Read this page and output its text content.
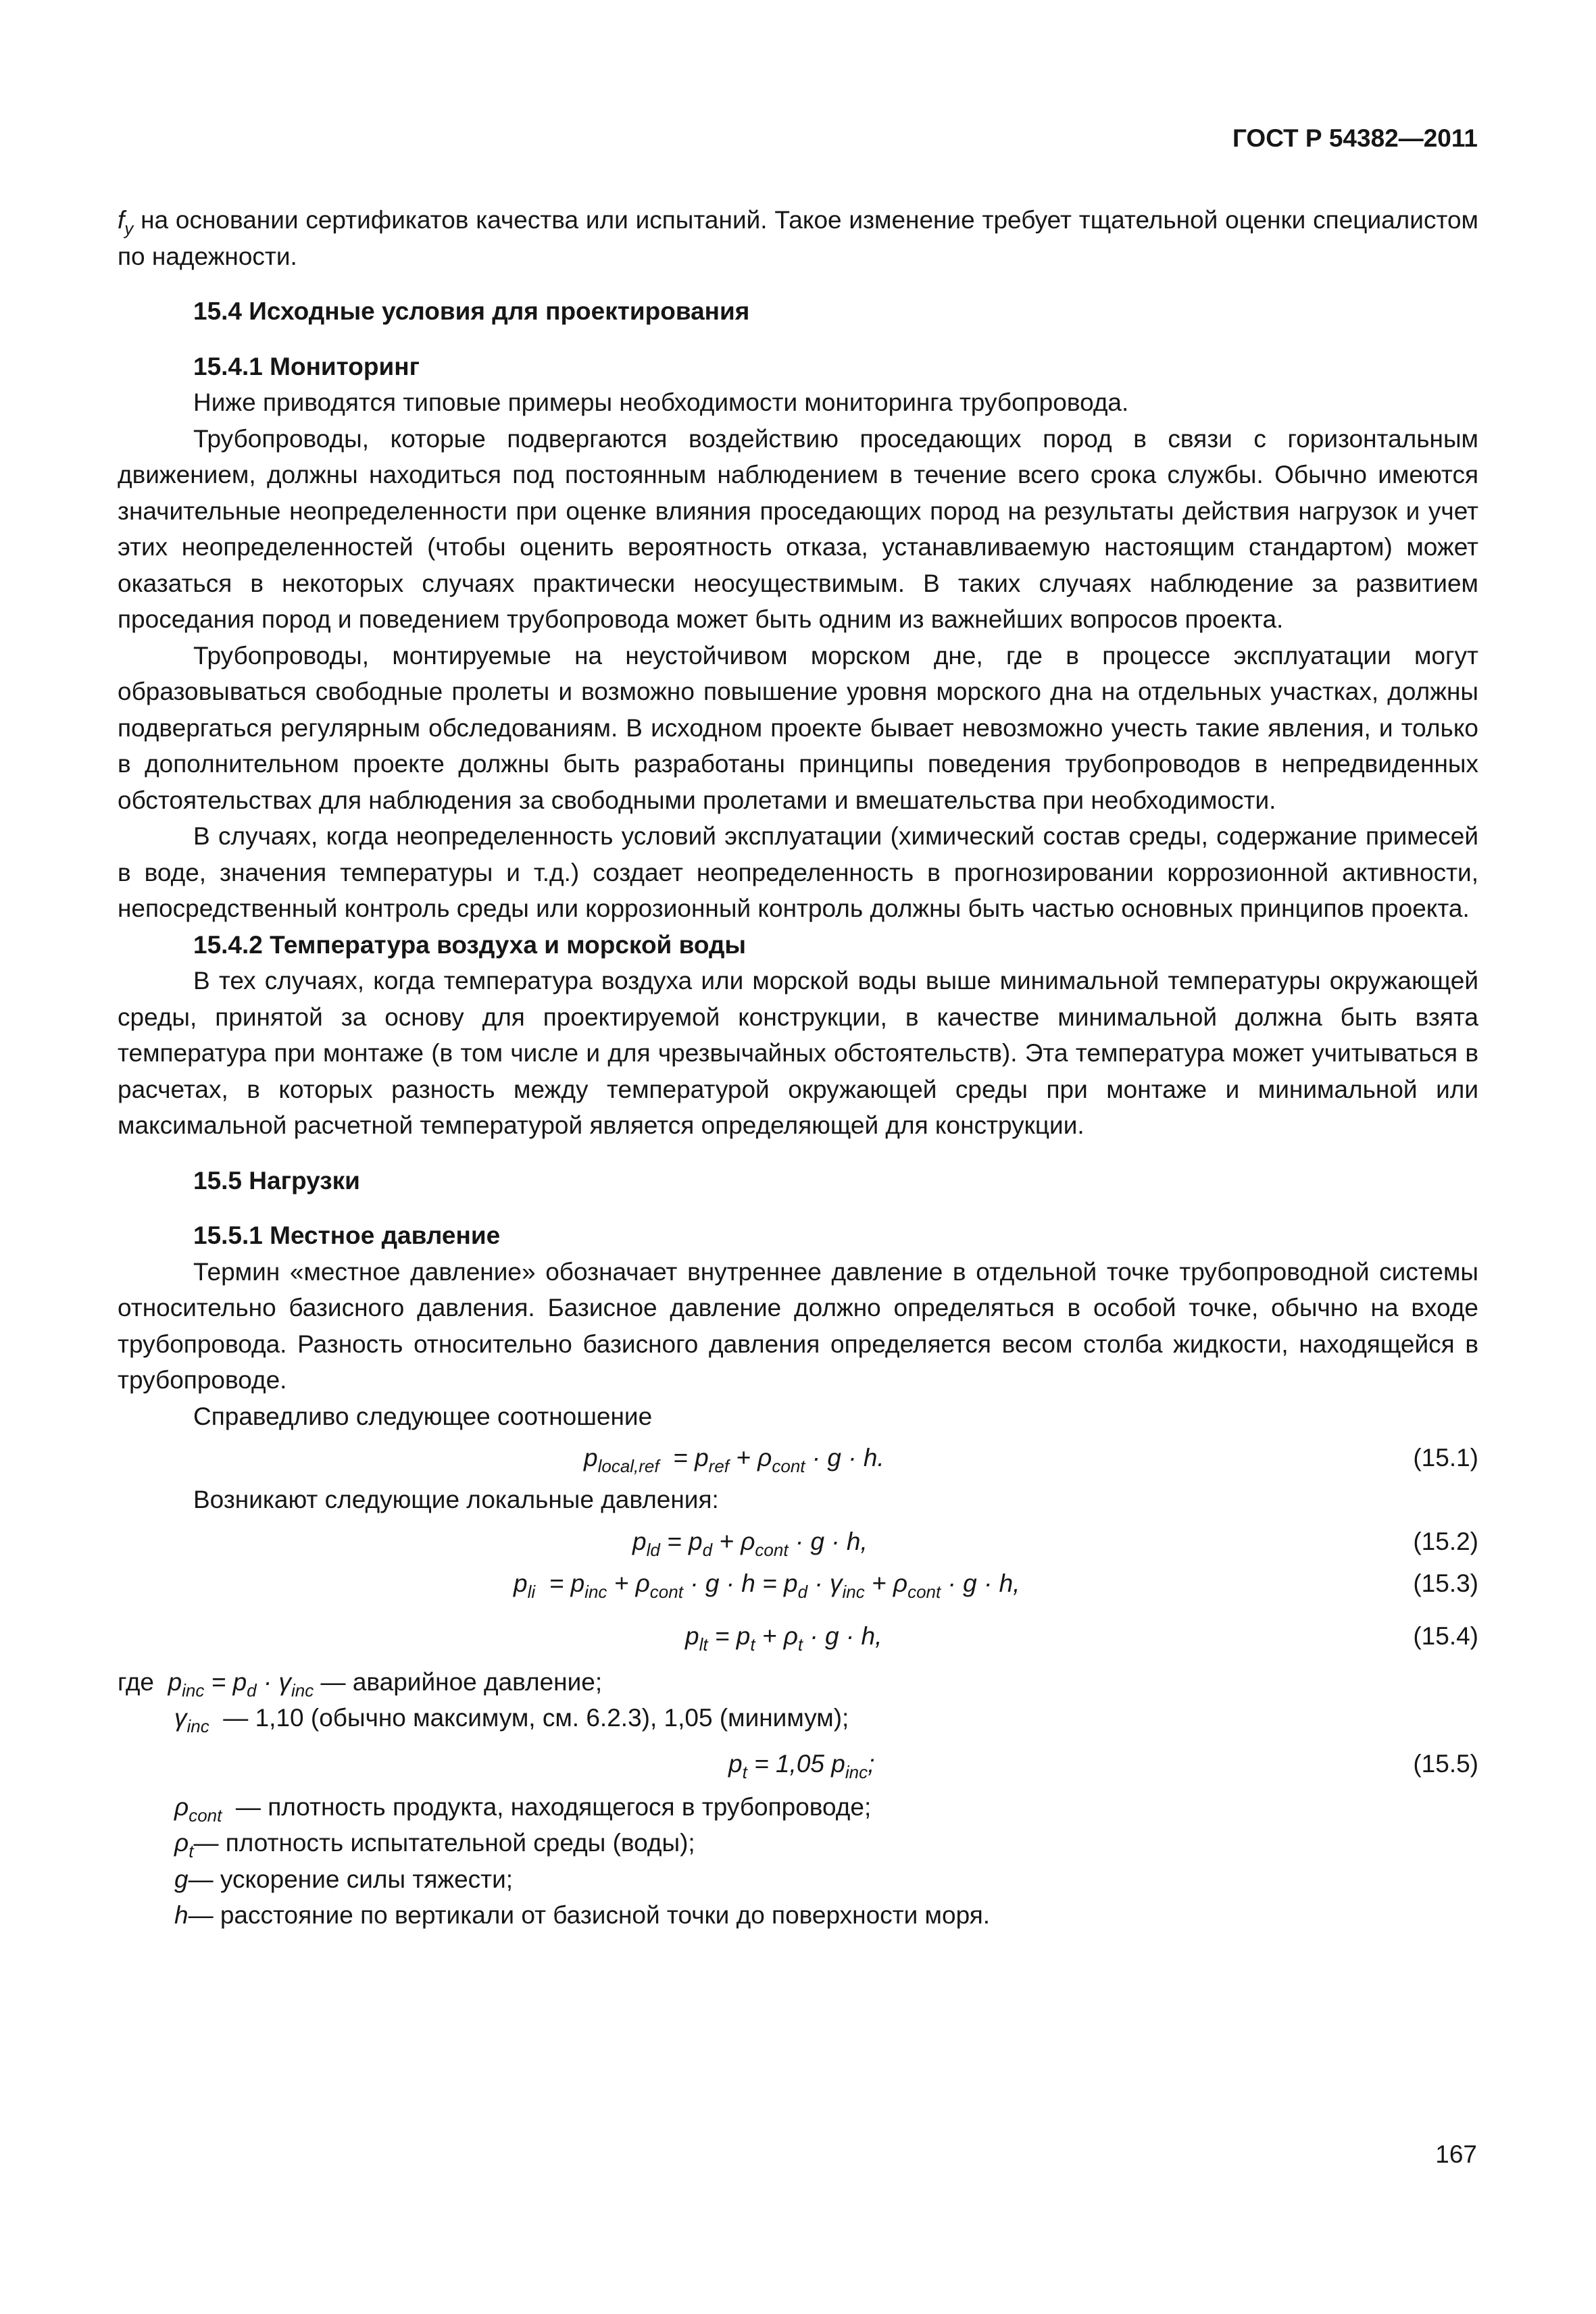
ГОСТ Р 54382—2011

$f_y$ на основании сертификатов качества или испытаний. Такое изменение требует тщательной оценки специалистом по надежности.

15.4 Исходные условия для проектирования

15.4.1 Мониторинг

Ниже приводятся типовые примеры необходимости мониторинга трубопровода.

Трубопроводы, которые подвергаются воздействию проседающих пород в связи с горизонтальным движением, должны находиться под постоянным наблюдением в течение всего срока службы. Обычно имеются значительные неопределенности при оценке влияния проседающих пород на результаты действия нагрузок и учет этих неопределенностей (чтобы оценить вероятность отказа, устанавливаемую настоящим стандартом) может оказаться в некоторых случаях практически неосуществимым. В таких случаях наблюдение за развитием проседания пород и поведением трубопровода может быть одним из важнейших вопросов проекта.

Трубопроводы, монтируемые на неустойчивом морском дне, где в процессе эксплуатации могут образовываться свободные пролеты и возможно повышение уровня морского дна на отдельных участках, должны подвергаться регулярным обследованиям. В исходном проекте бывает невозможно учесть такие явления, и только в дополнительном проекте должны быть разработаны принципы поведения трубопроводов в непредвиденных обстоятельствах для наблюдения за свободными пролетами и вмешательства при необходимости.

В случаях, когда неопределенность условий эксплуатации (химический состав среды, содержание примесей в воде, значения температуры и т.д.) создает неопределенность в прогнозировании коррозионной активности, непосредственный контроль среды или коррозионный контроль должны быть частью основных принципов проекта.

15.4.2 Температура воздуха и морской воды

В тех случаях, когда температура воздуха или морской воды выше минимальной температуры окружающей среды, принятой за основу для проектируемой конструкции, в качестве минимальной должна быть взята температура при монтаже (в том числе и для чрезвычайных обстоятельств). Эта температура может учитываться в расчетах, в которых разность между температурой окружающей среды при монтаже и минимальной или максимальной расчетной температурой является определяющей для конструкции.

15.5 Нагрузки

15.5.1 Местное давление

Термин «местное давление» обозначает внутреннее давление в отдельной точке трубопроводной системы относительно базисного давления. Базисное давление должно определяться в особой точке, обычно на входе трубопровода. Разность относительно базисного давления определяется весом столба жидкости, находящейся в трубопроводе.

Справедливо следующее соотношение

$p_{local,ref} = p_{ref} + \rho_{cont} \cdot g \cdot h$.	(15.1)

Возникают следующие локальные давления:

$p_{ld} = p_d + \rho_{cont} \cdot g \cdot h$,	(15.2)
$p_{li} = p_{inc} + \rho_{cont} \cdot g \cdot h = p_d \cdot \gamma_{inc} + \rho_{cont} \cdot g \cdot h$,	(15.3)
$p_{lt} = p_t + \rho_t \cdot g \cdot h$,	(15.4)

где $p_{inc} = p_d \cdot \gamma_{inc}$ — аварийное давление;

$\gamma_{inc}$  — 1,10 (обычно максимум, см. 6.2.3), 1,05 (минимум);

$p_t = 1,05$ $p_{inc}$;	(15.5)

$\rho_{cont}$  — плотность продукта, находящегося в трубопроводе;

$\rho_t—$ плотность испытательной среды (воды);

g— ускорение силы тяжести;

h— расстояние по вертикали от базисной точки до поверхности моря.

167
